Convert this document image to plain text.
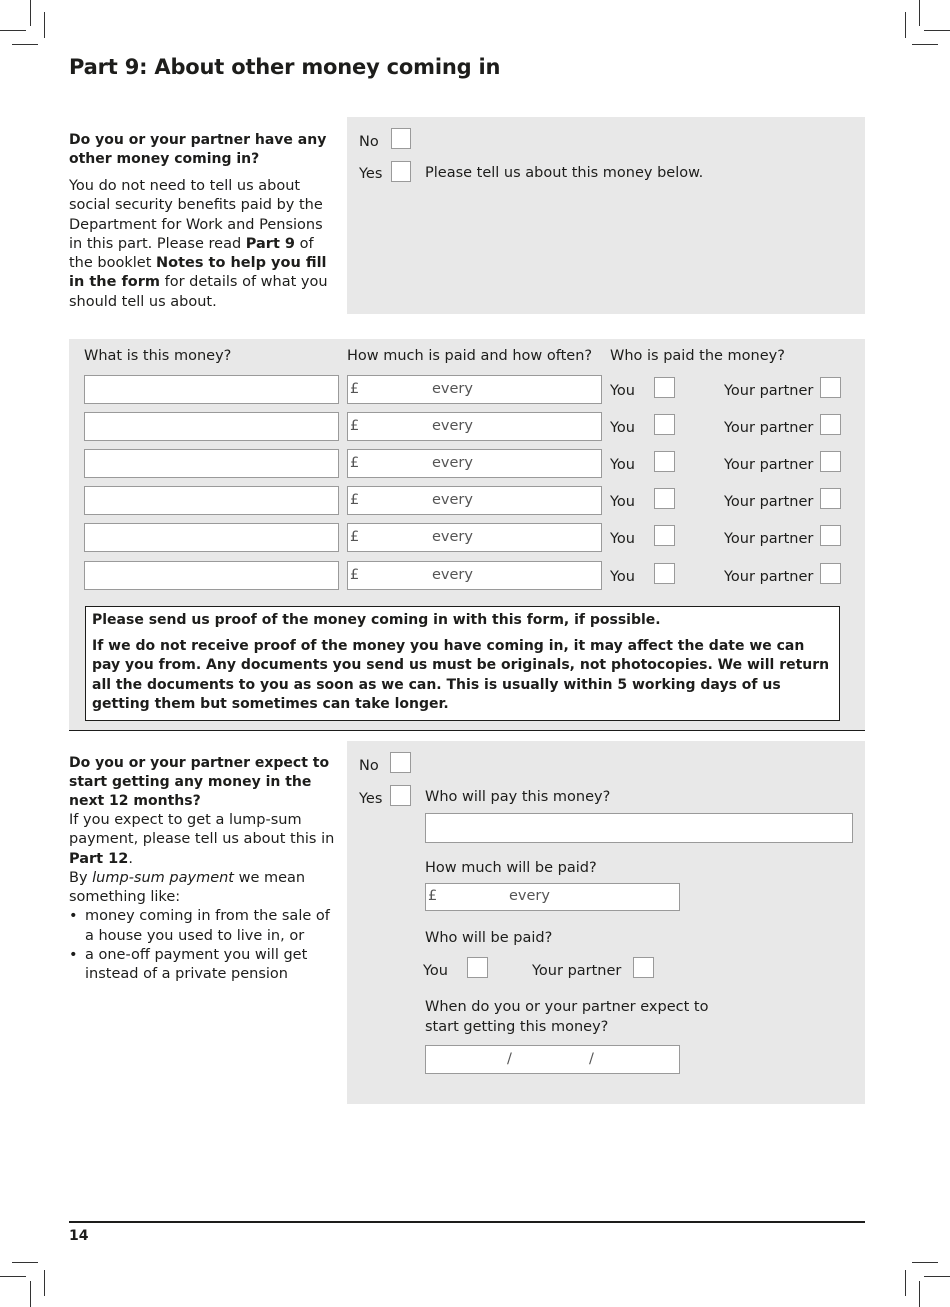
Part 9: About other money coming in

Do you or your partner have any other money coming in?

You do not need to tell us about social security benefits paid by the Department for Work and Pensions in this part. Please read Part 9 of the booklet Notes to help you fill in the form for details of what you should tell us about.

No
Yes	Please tell us about this money below.
What is this money?	How much is paid and how often? Who is paid the money?
£	every	You	Your partner
£	every	You	Your partner
£	every	You	Your partner
£	every	You	Your partner
£	every	You	Your partner
£	every	You	Your partner

Please send us proof of the money coming in with this form, if possible.

If we do not receive proof of the money you have coming in, it may affect the date we can pay you from. Any documents you send us must be originals, not photocopies. We will return all the documents to you as soon as we can. This is usually within 5 working days of us getting them but sometimes can take longer.

Do you or your partner expect to start getting any money in the next 12 months?

If you expect to get a lump-sum payment, please tell us about this in Part 12.

By lump-sum payment we mean something like:

• money coming in from the sale of a house you used to live in, or
• a one-off payment you will get instead of a private pension
No
Yes	Who will pay this money?
How much will be paid?
£	every
Who will be paid?
You	Your partner
When do you or your partner expect to start getting this money?
/	/
14
